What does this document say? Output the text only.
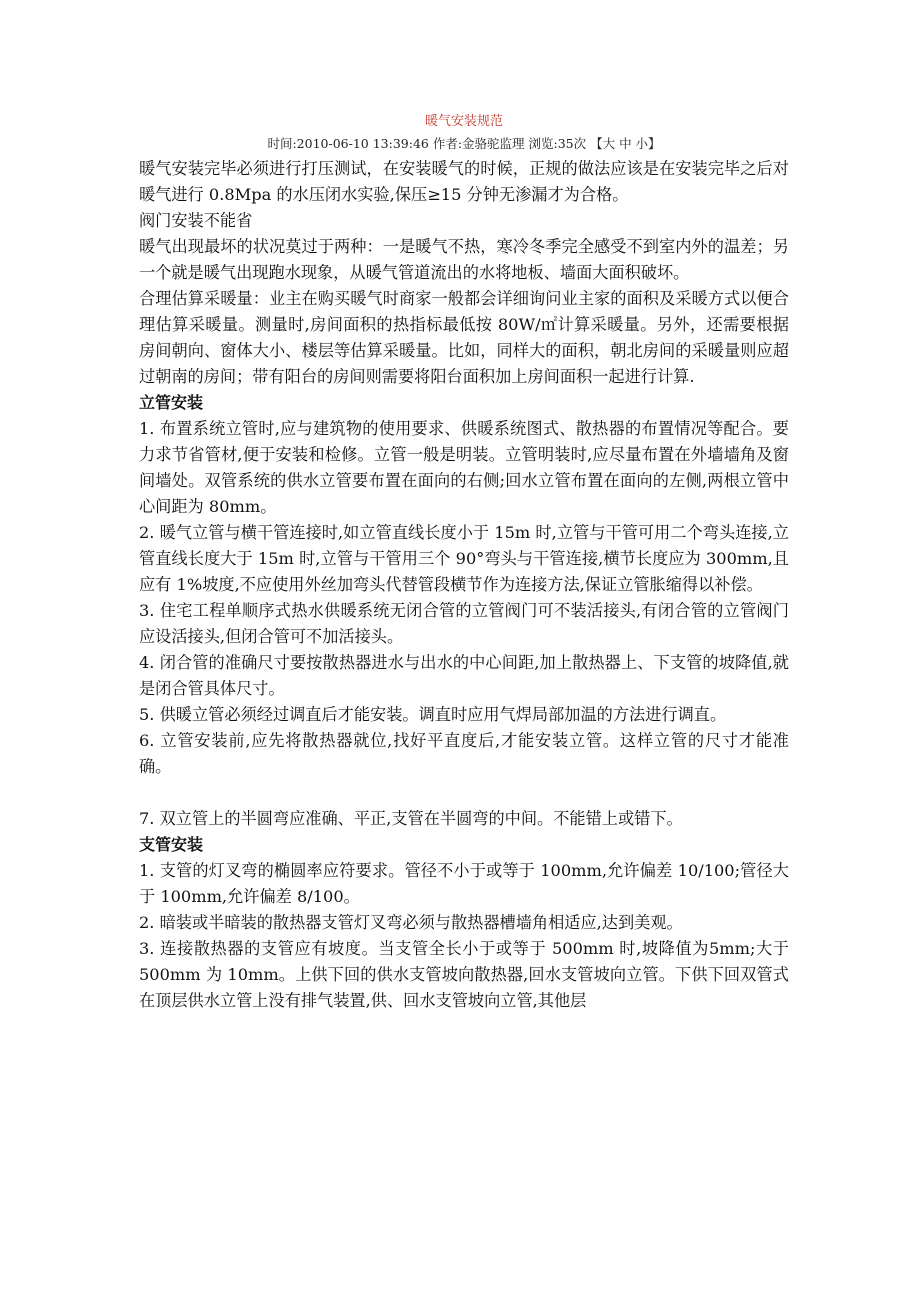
暖气安装规范
时间:2010-06-10 13:39:46 作者:金骆驼监理 浏览:35次 【大 中 小】

暖气安装完毕必须进行打压测试，在安装暖气的时候，正规的做法应该是在安装完毕之后对暖气进行 0.8Mpa 的水压闭水实验,保压≥15 分钟无渗漏才为合格。

阀门安装不能省

暖气出现最坏的状况莫过于两种：一是暖气不热，寒冷冬季完全感受不到室内外的温差；另一个就是暖气出现跑水现象，从暖气管道流出的水将地板、墙面大面积破坏。

合理估算采暖量：业主在购买暖气时商家一般都会详细询问业主家的面积及采暖方式以便合理估算采暖量。测量时,房间面积的热指标最低按 80W/㎡计算采暖量。另外，还需要根据房间朝向、窗体大小、楼层等估算采暖量。比如，同样大的面积，朝北房间的采暖量则应超过朝南的房间；带有阳台的房间则需要将阳台面积加上房间面积一起进行计算.

立管安装

1. 布置系统立管时,应与建筑物的使用要求、供暖系统图式、散热器的布置情况等配合。要力求节省管材,便于安装和检修。立管一般是明装。立管明装时,应尽量布置在外墙墙角及窗间墙处。双管系统的供水立管要布置在面向的右侧;回水立管布置在面向的左侧,两根立管中心间距为 80mm。

2. 暖气立管与横干管连接时,如立管直线长度小于 15m 时,立管与干管可用二个弯头连接,立管直线长度大于 15m 时,立管与干管用三个 90°弯头与干管连接,横节长度应为 300mm,且应有 1%坡度,不应使用外丝加弯头代替管段横节作为连接方法,保证立管胀缩得以补偿。

3. 住宅工程单顺序式热水供暖系统无闭合管的立管阀门可不装活接头,有闭合管的立管阀门应设活接头,但闭合管可不加活接头。

4. 闭合管的准确尺寸要按散热器进水与出水的中心间距,加上散热器上、下支管的坡降值,就是闭合管具体尺寸。

5. 供暖立管必须经过调直后才能安装。调直时应用气焊局部加温的方法进行调直。

6. 立管安装前,应先将散热器就位,找好平直度后,才能安装立管。这样立管的尺寸才能准确。

7. 双立管上的半圆弯应准确、平正,支管在半圆弯的中间。不能错上或错下。

支管安装

1. 支管的灯叉弯的椭圆率应符要求。管径不小于或等于 100mm,允许偏差 10/100;管径大于 100mm,允许偏差 8/100。

2. 暗装或半暗装的散热器支管灯叉弯必须与散热器槽墙角相适应,达到美观。

3. 连接散热器的支管应有坡度。当支管全长小于或等于 500mm 时,坡降值为5mm;大于 500mm 为 10mm。上供下回的供水支管坡向散热器,回水支管坡向立管。下供下回双管式在顶层供水立管上没有排气装置,供、回水支管坡向立管,其他层
